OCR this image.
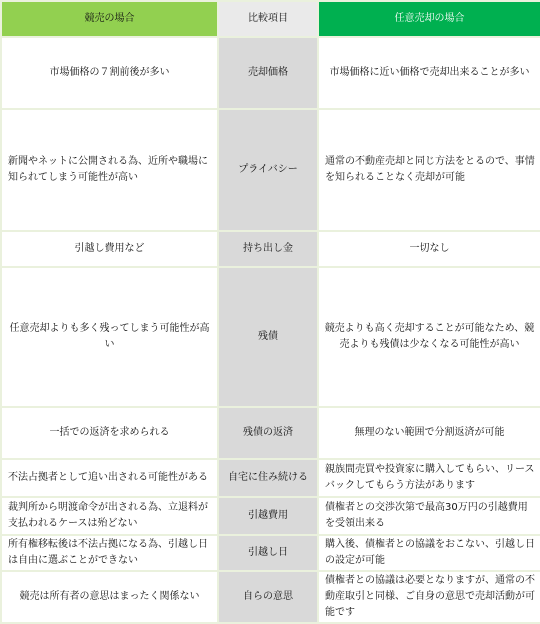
競売の場合	比較項目	任意売却の場合
市場価格の７割前後が多い	売却価格	市場価格に近い価格で売却出来ることが多い
新聞やネットに公開される為、近所や職場に知られてしまう可能性が高い	プライバシー	通常の不動産売却と同じ方法をとるので、事情を知られることなく売却が可能
引越し費用など	持ち出し金	一切なし
任意売却よりも多く残ってしまう可能性が高い	残債	競売よりも高く売却することが可能なため、競売よりも残債は少なくなる可能性が高い
一括での返済を求められる	残債の返済	無理のない範囲で分割返済が可能
不法占拠者として追い出される可能性がある	自宅に住み続ける	親族間売買や投資家に購入してもらい、リースバックしてもらう方法があります
裁判所から明渡命令が出される為、立退料が支払われるケースは殆どない	引越費用	債権者との交渉次第で最高30万円の引越費用を受領出来る
所有権移転後は不法占拠になる為、引越し日は自由に選ぶことができない	引越し日	購入後、債権者との協議をおこない、引越し日の設定が可能
競売は所有者の意思はまったく関係ない	自らの意思	債権者との協議は必要となりますが、通常の不動産取引と同様、ご自身の意思で売却活動が可能です
